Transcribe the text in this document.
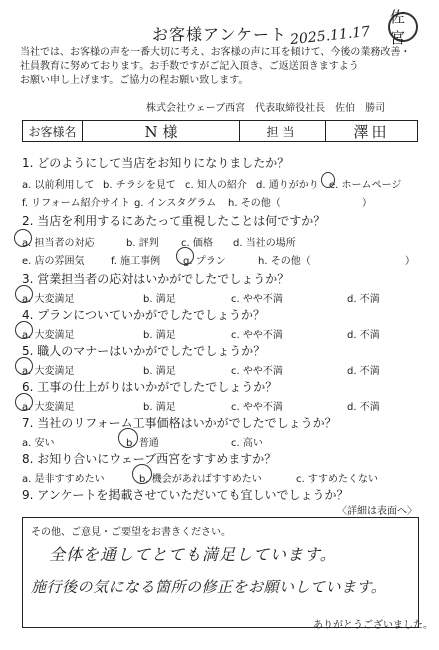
お客様アンケート 2025.11.17
佐宮

当社では、お客様の声を一番大切に考え、お客様の声に耳を傾けて、今後の業務改善・

社員教育に努めております。お手数ですがご記入頂き、ご返送頂きますよう

お願い申し上げます。ご協力の程お願い致します。

株式会社ウェーブ西宮　代表取締役社長　佐伯　勝司
お客様名	N 様	担当	澤田
1. どのようにして当店をお知りになりましたか？
a. 以前利用して b. チラシを見て c. 知人の紹介 d. 通りがかり e. ホームページ
f. リフォーム紹介サイト g. インスタグラム h. その他（	）
2. 当店を利用するにあたって重視したことは何ですか？
a. 担当者の対応	b. 評判 c. 価格 d. 当社の場所
e. 店の雰囲気	f. 施工事例 g. プラン	h. その他（	）
3. 営業担当者の応対はいかがでしたでしょうか？
a. 大変満足	b. 満足	c. やや不満	d. 不満
4. プランについていかがでしたでしょうか？
a. 大変満足	b. 満足	c. やや不満	d. 不満
5. 職人のマナーはいかがでしたでしょうか？
a. 大変満足	b. 満足	c. やや不満	d. 不満
6. 工事の仕上がりはいかがでしたでしょうか？
a. 大変満足	b. 満足	c. やや不満	d. 不満
7. 当社のリフォーム工事価格はいかがでしたでしょうか？
a. 安い	b. 普通	c. 高い
8. お知り合いにウェーブ西宮をすすめますか？
a. 是非すすめたい	b. 機会があればすすめたい	c. すすめたくない
9. アンケートを掲載させていただいても宜しいでしょうか？
〈詳細は表面へ〉
その他、ご意見・ご要望をお書きください。
全体を通してとても満足しています。
施行後の気になる箇所の修正をお願いしています。
ありがとうございました。
